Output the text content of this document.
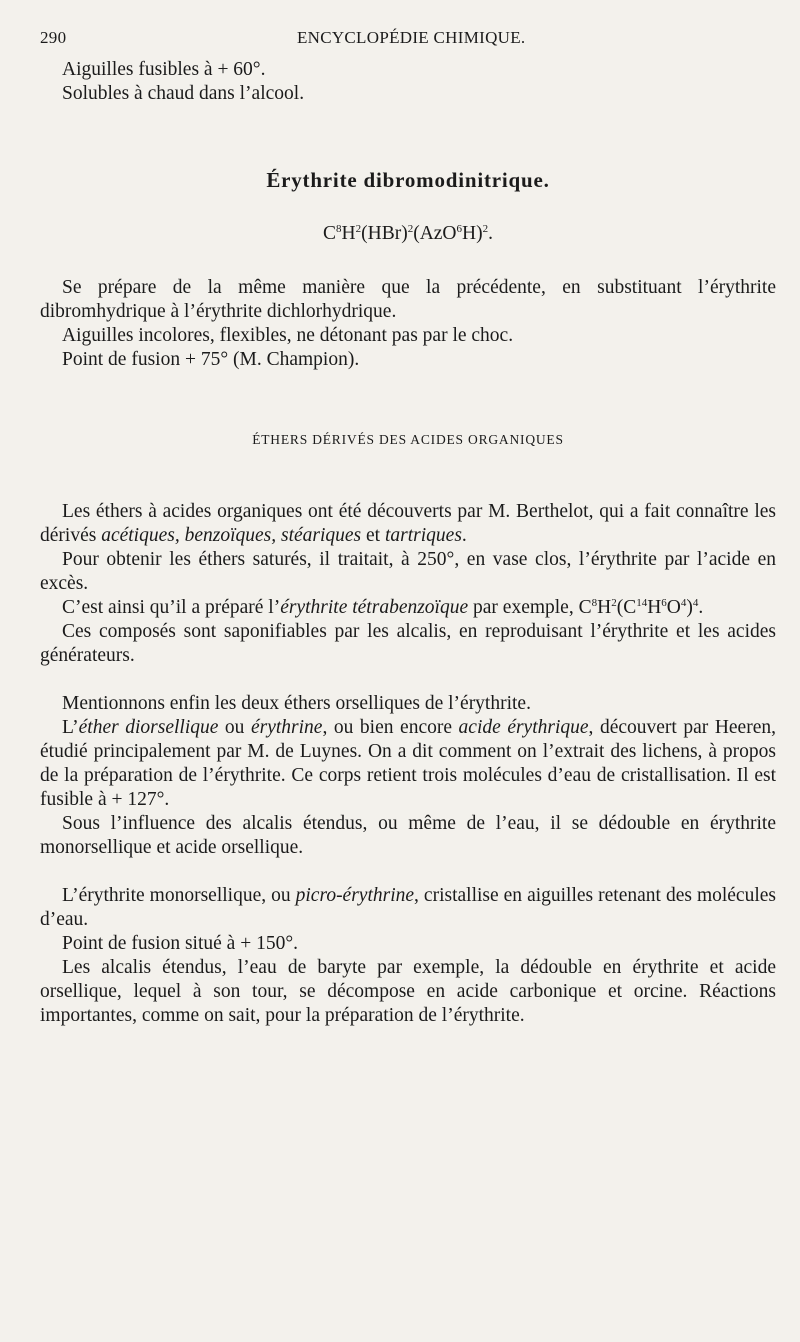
290	ENCYCLOPÉDIE CHIMIQUE.

Aiguilles fusibles à + 60°.

Solubles à chaud dans l’alcool.

Érythrite dibromodinitrique.
$C^8H^2(HBr)^2(AzO^6H)^2$.

Se prépare de la même manière que la précédente, en substituant l’érythrite dibromhydrique à l’érythrite dichlorhydrique.

Aiguilles incolores, flexibles, ne détonant pas par le choc.

Point de fusion + 75° (M. Champion).

ÉTHERS DÉRIVÉS DES ACIDES ORGANIQUES

Les éthers à acides organiques ont été découverts par M. Berthelot, qui a fait connaître les dérivés acétiques, benzoïques, stéariques et tartriques.

Pour obtenir les éthers saturés, il traitait, à 250°, en vase clos, l’érythrite par l’acide en excès.

C’est ainsi qu’il a préparé l’érythrite tétrabenzoïque par exemple, $C^8H^2(C^{14}H^6O^4)^4$.

Ces composés sont saponifiables par les alcalis, en reproduisant l’érythrite et les acides générateurs.

Mentionnons enfin les deux éthers orselliques de l’érythrite.

L’éther diorsellique ou érythrine, ou bien encore acide érythrique, découvert par Heeren, étudié principalement par M. de Luynes. On a dit comment on l’extrait des lichens, à propos de la préparation de l’érythrite. Ce corps retient trois molécules d’eau de cristallisation. Il est fusible à + 127°.

Sous l’influence des alcalis étendus, ou même de l’eau, il se dédouble en érythrite monorsellique et acide orsellique.

L’érythrite monorsellique, ou picro-érythrine, cristallise en aiguilles retenant des molécules d’eau.

Point de fusion situé à + 150°.

Les alcalis étendus, l’eau de baryte par exemple, la dédouble en érythrite et acide orsellique, lequel à son tour, se décompose en acide carbonique et orcine. Réactions importantes, comme on sait, pour la préparation de l’érythrite.
